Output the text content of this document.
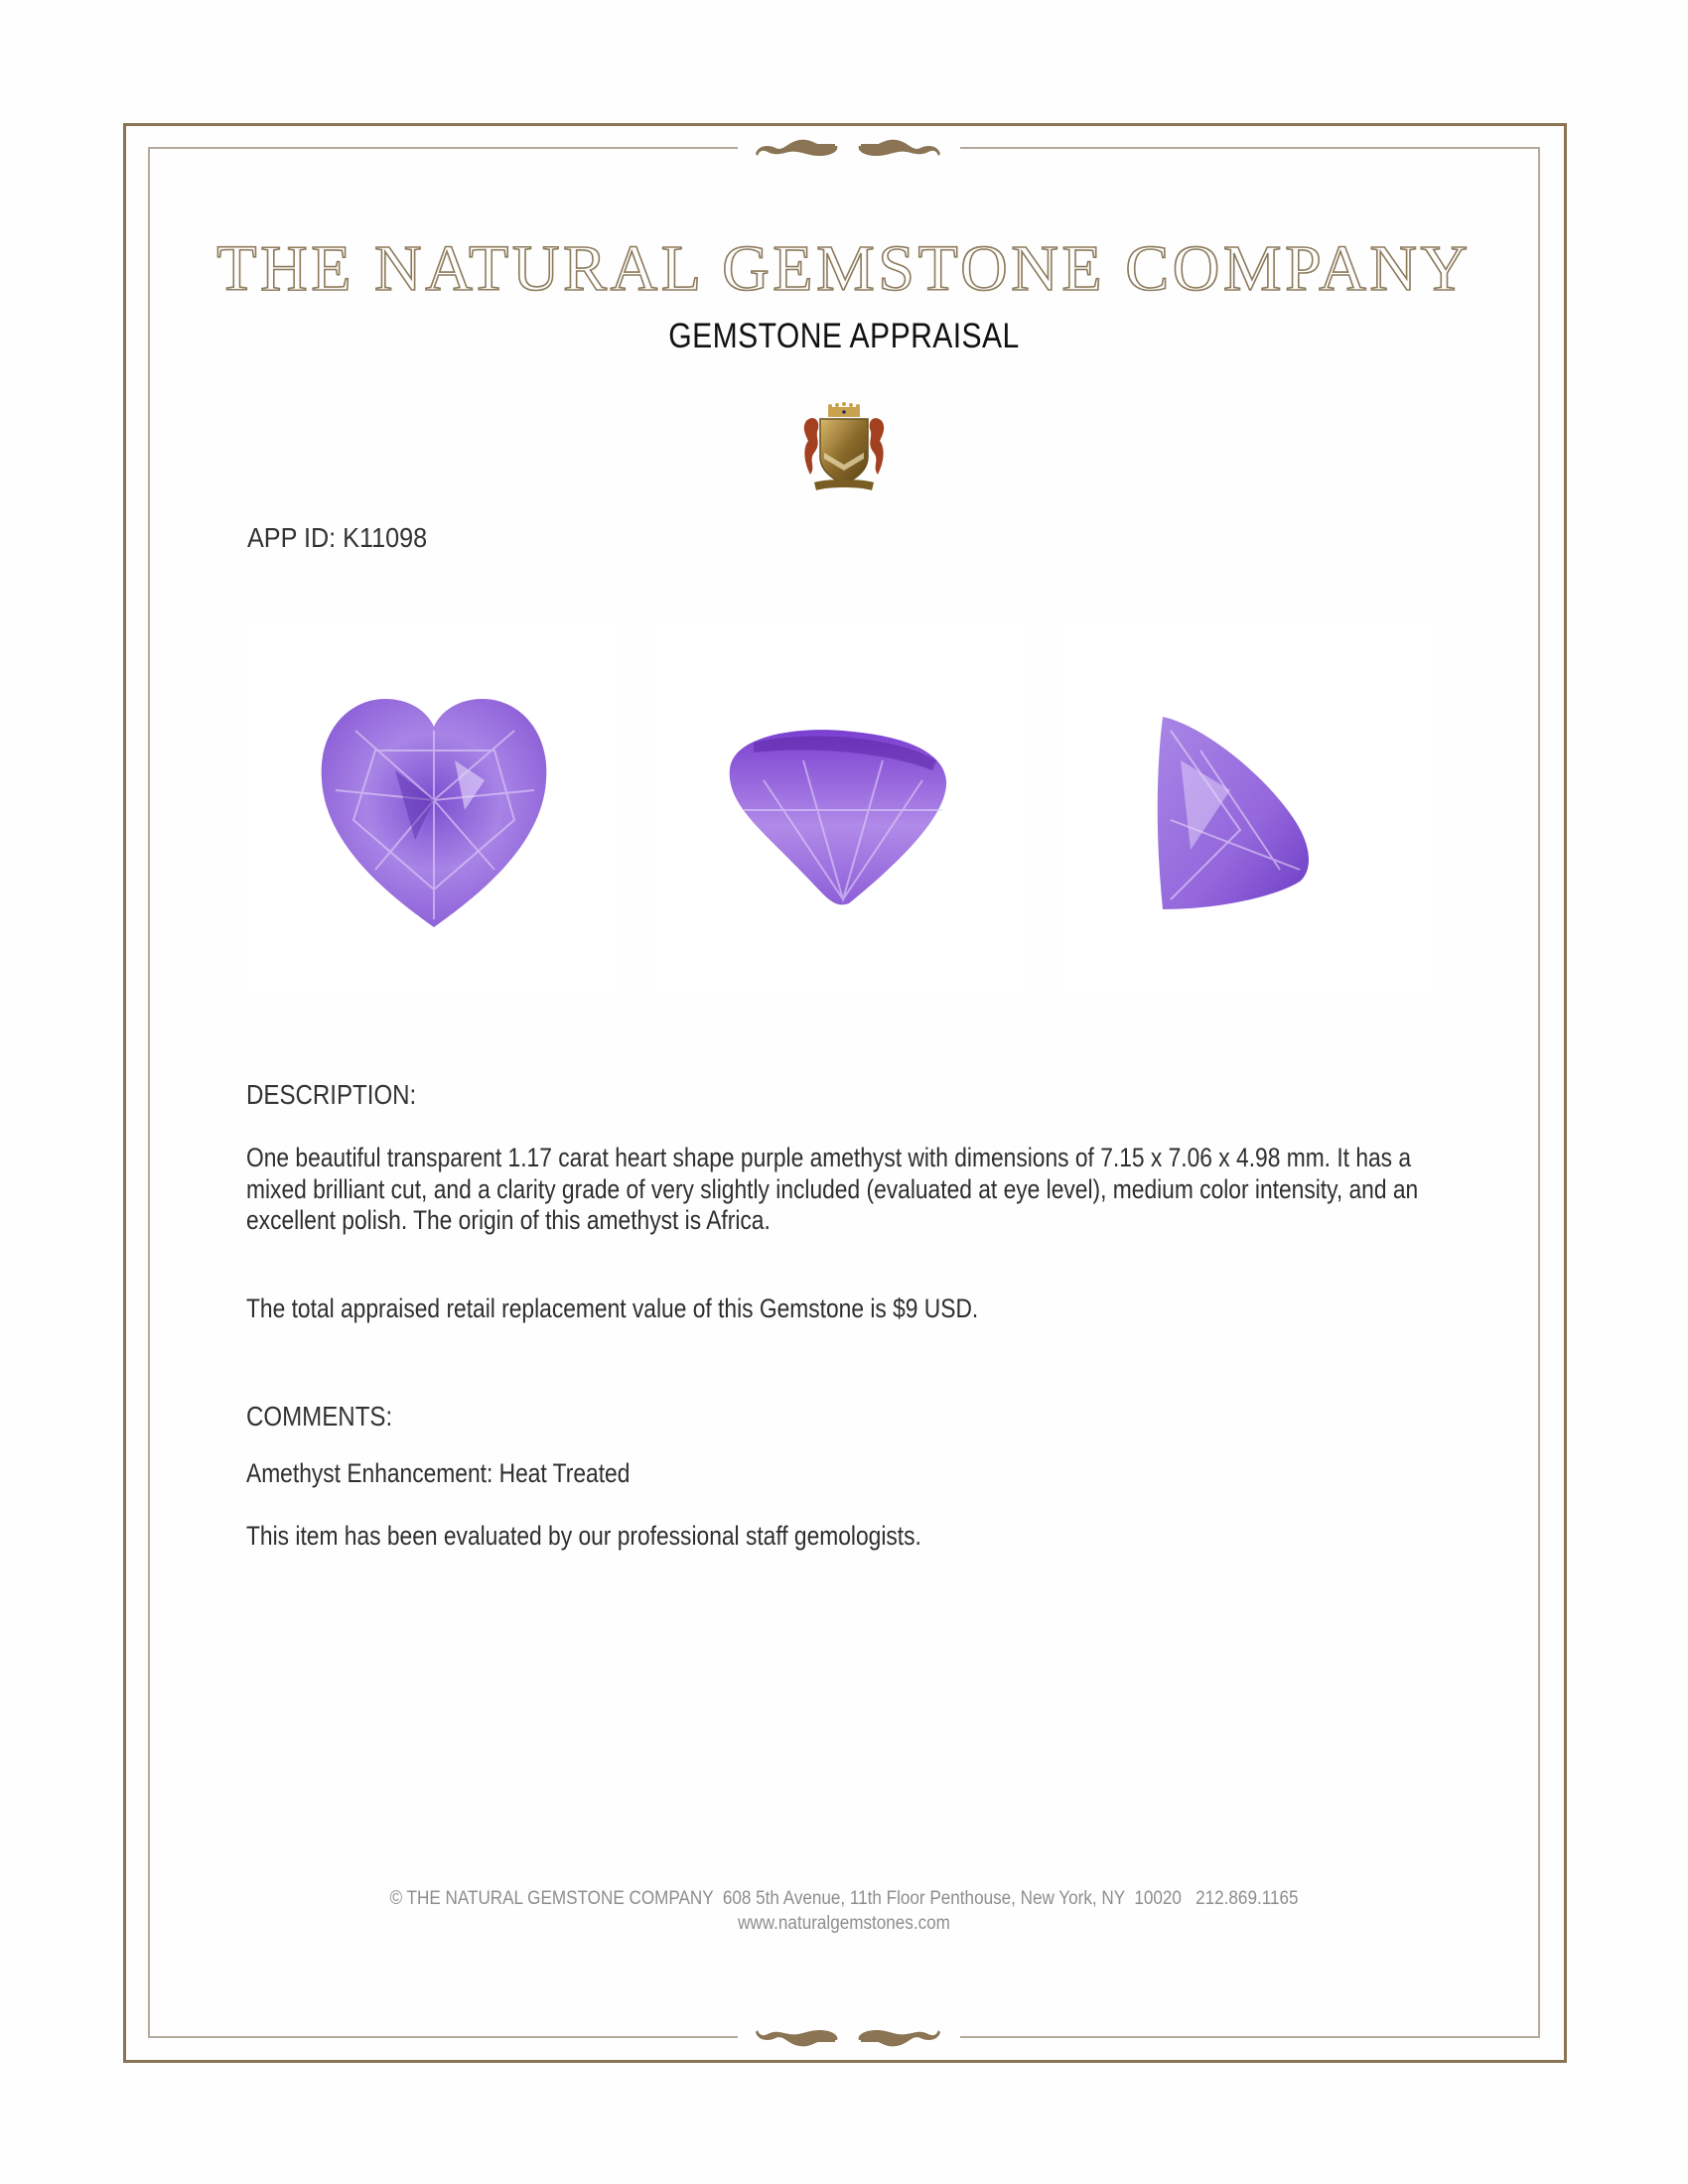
THE NATURAL GEMSTONE COMPANY
GEMSTONE APPRAISAL
APP ID: K11098
DESCRIPTION:
One beautiful transparent 1.17 carat heart shape purple amethyst with dimensions of 7.15 x 7.06 x 4.98 mm. It has a mixed brilliant cut, and a clarity grade of very slightly included (evaluated at eye level), medium color intensity, and an excellent polish. The origin of this amethyst is Africa.
The total appraised retail replacement value of this Gemstone is $9 USD.
COMMENTS:
Amethyst Enhancement: Heat Treated
This item has been evaluated by our professional staff gemologists.
© THE NATURAL GEMSTONE COMPANY  608 5th Avenue, 11th Floor Penthouse, New York, NY  10020   212.869.1165
www.naturalgemstones.com
